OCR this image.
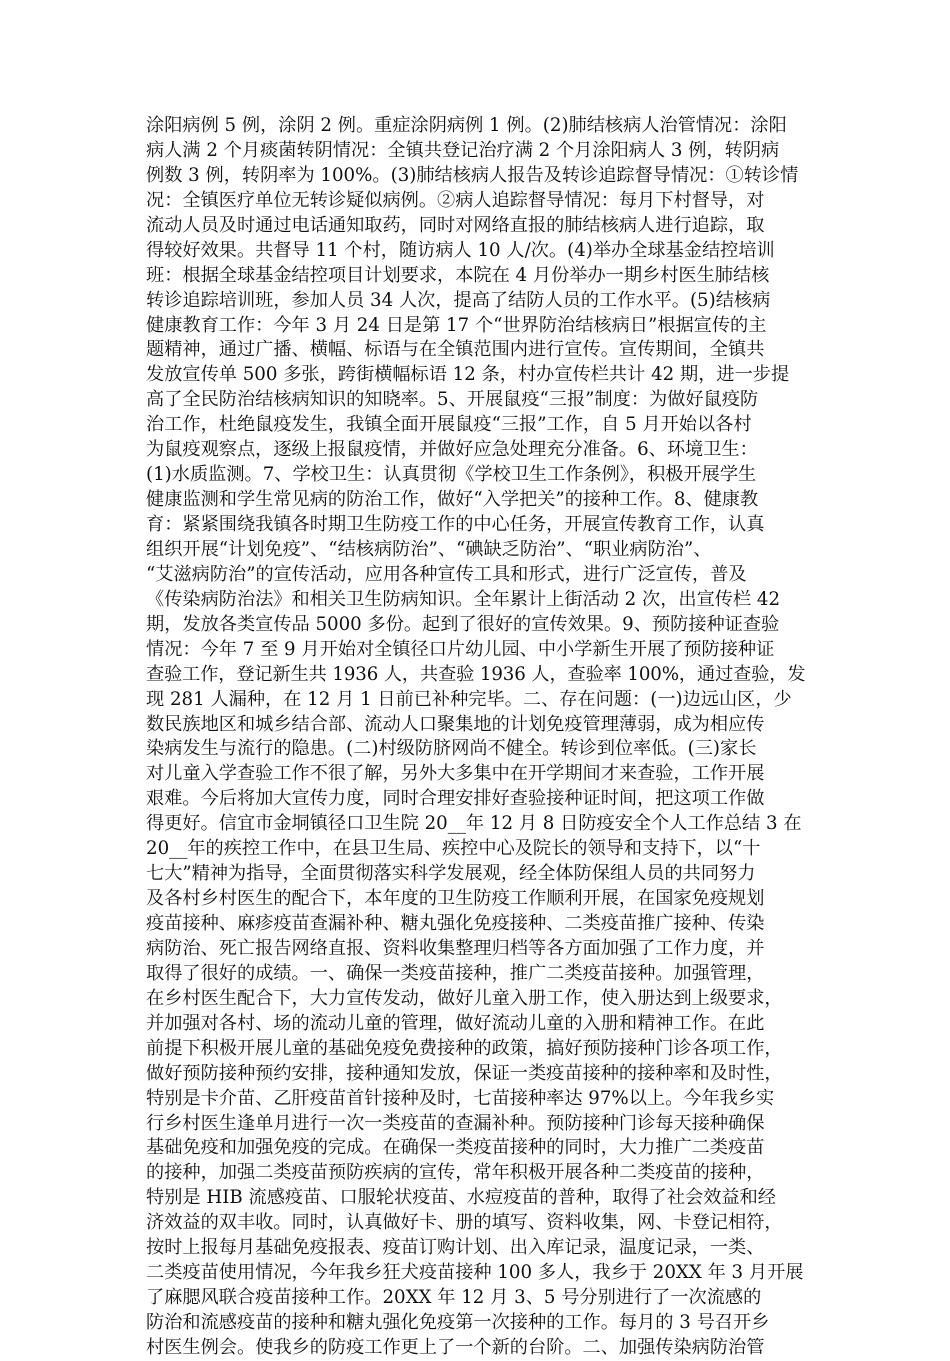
涂阳病例 5 例，涂阴 2 例。重症涂阴病例 1 例。(2)肺结核病人治管情况：涂阳
病人满 2 个月痰菌转阴情况：全镇共登记治疗满 2 个月涂阳病人 3 例，转阴病
例数 3 例，转阴率为 100%。(3)肺结核病人报告及转诊追踪督导情况：①转诊情
况：全镇医疗单位无转诊疑似病例。②病人追踪督导情况：每月下村督导，对
流动人员及时通过电话通知取药，同时对网络直报的肺结核病人进行追踪，取
得较好效果。共督导 11 个村，随访病人 10 人/次。(4)举办全球基金结控培训
班：根据全球基金结控项目计划要求，本院在 4 月份举办一期乡村医生肺结核
转诊追踪培训班，参加人员 34 人次，提高了结防人员的工作水平。(5)结核病
健康教育工作：今年 3 月 24 日是第 17 个“世界防治结核病日”根据宣传的主
题精神，通过广播、横幅、标语与在全镇范围内进行宣传。宣传期间，全镇共
发放宣传单 500 多张，跨街横幅标语 12 条，村办宣传栏共计 42 期，进一步提
高了全民防治结核病知识的知晓率。5、开展鼠疫“三报”制度：为做好鼠疫防
治工作，杜绝鼠疫发生，我镇全面开展鼠疫“三报”工作，自 5 月开始以各村
为鼠疫观察点，逐级上报鼠疫情，并做好应急处理充分准备。6、环境卫生：
(1)水质监测。7、学校卫生：认真贯彻《学校卫生工作条例》，积极开展学生
健康监测和学生常见病的防治工作，做好“入学把关”的接种工作。8、健康教
育：紧紧围绕我镇各时期卫生防疫工作的中心任务，开展宣传教育工作，认真
组织开展“计划免疫”、“结核病防治”、“碘缺乏防治”、“职业病防治”、
“艾滋病防治”的宣传活动，应用各种宣传工具和形式，进行广泛宣传，普及
《传染病防治法》和相关卫生防病知识。全年累计上街活动 2 次，出宣传栏 42
期，发放各类宣传品 5000 多份。起到了很好的宣传效果。9、预防接种证查验
情况：今年 7 至 9 月开始对全镇径口片幼儿园、中小学新生开展了预防接种证
查验工作，登记新生共 1936 人，共查验 1936 人，查验率 100%，通过查验，发
现 281 人漏种，在 12 月 1 日前已补种完毕。二、存在问题：(一)边远山区，少
数民族地区和城乡结合部、流动人口聚集地的计划免疫管理薄弱，成为相应传
染病发生与流行的隐患。(二)村级防脐网尚不健全。转诊到位率低。(三)家长
对儿童入学查验工作不很了解，另外大多集中在开学期间才来查验，工作开展
艰难。今后将加大宣传力度，同时合理安排好查验接种证时间，把这项工作做
得更好。信宜市金垌镇径口卫生院 20__年 12 月 8 日防疫安全个人工作总结 3 在
20__年的疾控工作中，在县卫生局、疾控中心及院长的领导和支持下，以“十
七大”精神为指导，全面贯彻落实科学发展观，经全体防保组人员的共同努力
及各村乡村医生的配合下，本年度的卫生防疫工作顺利开展，在国家免疫规划
疫苗接种、麻疹疫苗查漏补种、糖丸强化免疫接种、二类疫苗推广接种、传染
病防治、死亡报告网络直报、资料收集整理归档等各方面加强了工作力度，并
取得了很好的成绩。一、确保一类疫苗接种，推广二类疫苗接种。加强管理，
在乡村医生配合下，大力宣传发动，做好儿童入册工作，使入册达到上级要求，
并加强对各村、场的流动儿童的管理，做好流动儿童的入册和精神工作。在此
前提下积极开展儿童的基础免疫免费接种的政策，搞好预防接种门诊各项工作，
做好预防接种预约安排，接种通知发放，保证一类疫苗接种的接种率和及时性，
特别是卡介苗、乙肝疫苗首针接种及时，七苗接种率达 97%以上。今年我乡实
行乡村医生逢单月进行一次一类疫苗的查漏补种。预防接种门诊每天接种确保
基础免疫和加强免疫的完成。在确保一类疫苗接种的同时，大力推广二类疫苗
的接种，加强二类疫苗预防疾病的宣传，常年积极开展各种二类疫苗的接种，
特别是 HIB 流感疫苗、口服轮状疫苗、水痘疫苗的普种，取得了社会效益和经
济效益的双丰收。同时，认真做好卡、册的填写、资料收集，网、卡登记相符，
按时上报每月基础免疫报表、疫苗订购计划、出入库记录，温度记录，一类、
二类疫苗使用情况，今年我乡狂犬疫苗接种 100 多人，我乡于 20XX 年 3 月开展
了麻腮风联合疫苗接种工作。20XX 年 12 月 3、5 号分别进行了一次流感的
防治和流感疫苗的接种和糖丸强化免疫第一次接种的工作。每月的 3 号召开乡
村医生例会。使我乡的防疫工作更上了一个新的台阶。二、加强传染病防治管
